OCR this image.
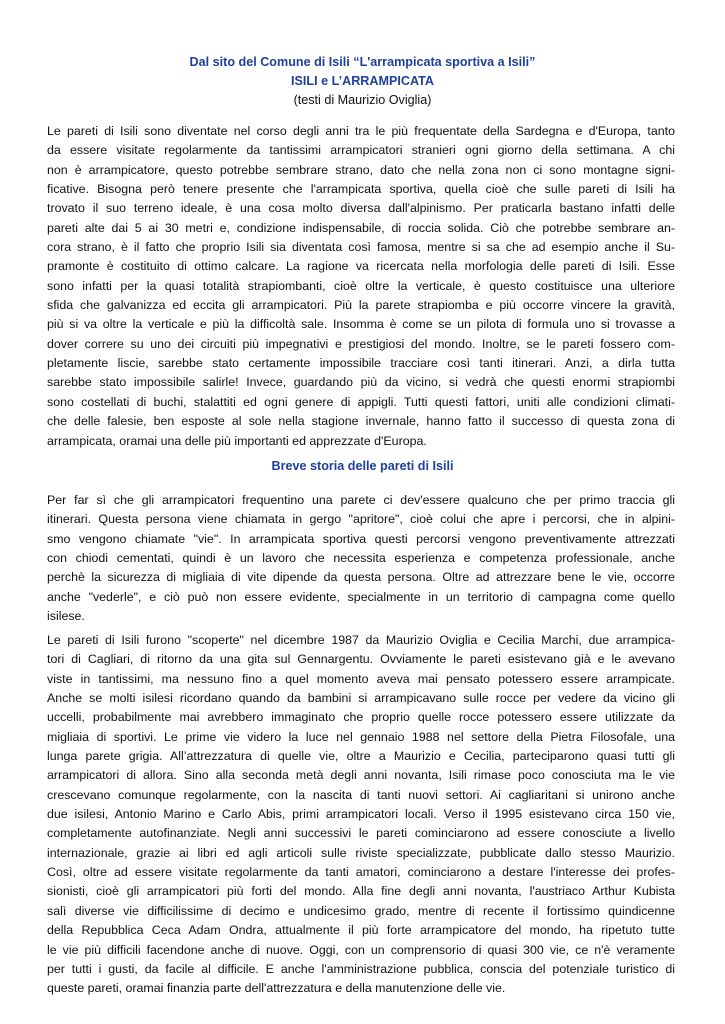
Dal sito del Comune di Isili “L'arrampicata sportiva a Isili”
ISILI e L’ARRAMPICATA
(testi di Maurizio Oviglia)
Le pareti di Isili sono diventate nel corso degli anni tra le più frequentate della Sardegna e d'Europa, tanto
da essere visitate regolarmente da tantissimi arrampicatori stranieri ogni giorno della settimana. A chi
non è arrampicatore, questo potrebbe sembrare strano, dato che nella zona non ci sono montagne signi-
ficative. Bisogna però tenere presente che l'arrampicata sportiva, quella cioè che sulle pareti di Isili ha
trovato il suo terreno ideale, è una cosa molto diversa dall'alpinismo. Per praticarla bastano infatti delle
pareti alte dai 5 ai 30 metri e, condizione indispensabile, di roccia solida. Ciò che potrebbe sembrare an-
cora strano, è il fatto che proprio Isili sia diventata così famosa, mentre si sa che ad esempio anche il Su-
pramonte è costituito di ottimo calcare. La ragione va ricercata nella morfologia delle pareti di Isili. Esse
sono infatti per la quasi totalità strapiombanti, cioè oltre la verticale, è questo costituisce una ulteriore
sfida che galvanizza ed eccita gli arrampicatori. Più la parete strapiomba e più occorre vincere la gravità,
più si va oltre la verticale e più la difficoltà sale. Insomma è come se un pilota di formula uno si trovasse a
dover correre su uno dei circuiti più impegnativi e prestigiosi del mondo. Inoltre, se le pareti fossero com-
pletamente liscie, sarebbe stato certamente impossibile tracciare così tanti itinerari. Anzi, a dirla tutta
sarebbe stato impossibile salirle! Invece, guardando più da vicino, si vedrà che questi enormi strapiombi
sono costellati di buchi, stalattiti ed ogni genere di appigli. Tutti questi fattori, uniti alle condizioni climati-
che delle falesie, ben esposte al sole nella stagione invernale, hanno fatto il successo di questa zona di
arrampicata, oramai una delle più importanti ed apprezzate d'Europa.
Breve storia delle pareti di Isili
Per far sì che gli arrampicatori frequentino una parete ci dev'essere qualcuno che per primo traccia gli
itinerari. Questa persona viene chiamata in gergo "apritore", cioè colui che apre i percorsi, che in alpini-
smo vengono chiamate "vie". In arrampicata sportiva questi percorsi vengono preventivamente attrezzati
con chiodi cementati, quindi è un lavoro che necessita esperienza e competenza professionale, anche
perchè la sicurezza di migliaia di vite dipende da questa persona. Oltre ad attrezzare bene le vie, occorre
anche "vederle", e ciò può non essere evidente, specialmente in un territorio di campagna come quello
isilese.
Le pareti di Isili furono "scoperte" nel dicembre 1987 da Maurizio Oviglia e Cecilia Marchi, due arrampica-
tori di Cagliari, di ritorno da una gita sul Gennargentu. Ovviamente le pareti esistevano già e le avevano
viste in tantissimi, ma nessuno fino a quel momento aveva mai pensato potessero essere arrampicate.
Anche se molti isilesi ricordano quando da bambini si arrampicavano sulle rocce per vedere da vicino gli
uccelli, probabilmente mai avrebbero immaginato che proprio quelle rocce potessero essere utilizzate da
migliaia di sportivi. Le prime vie videro la luce nel gennaio 1988 nel settore della Pietra Filosofale, una
lunga parete grigia. All’attrezzatura di quelle vie, oltre a Maurizio e Cecilia, parteciparono quasi tutti gli
arrampicatori di allora. Sino alla seconda metà degli anni novanta, Isili rimase poco conosciuta ma le vie
crescevano comunque regolarmente, con la nascita di tanti nuovi settori. Ai cagliaritani si unirono anche
due isilesi, Antonio Marino e Carlo Abis, primi arrampicatori locali. Verso il 1995 esistevano circa 150 vie,
completamente autofinanziate. Negli anni successivi le pareti cominciarono ad essere conosciute a livello
internazionale, grazie ai libri ed agli articoli sulle riviste specializzate, pubblicate dallo stesso Maurizio.
Così, oltre ad essere visitate regolarmente da tanti amatori, cominciarono a destare l'interesse dei profes-
sionisti, cioè gli arrampicatori più forti del mondo. Alla fine degli anni novanta, l'austriaco Arthur Kubista
salì diverse vie difficilissime di decimo e undicesimo grado, mentre di recente il fortissimo quindicenne
della Repubblica Ceca Adam Ondra, attualmente il più forte arrampicatore del mondo, ha ripetuto tutte
le vie più difficili facendone anche di nuove. Oggi, con un comprensorio di quasi 300 vie, ce n'è veramente
per tutti i gusti, da facile al difficile. E anche l'amministrazione pubblica, conscia del potenziale turistico di
queste pareti, oramai finanzia parte dell'attrezzatura e della manutenzione delle vie.
